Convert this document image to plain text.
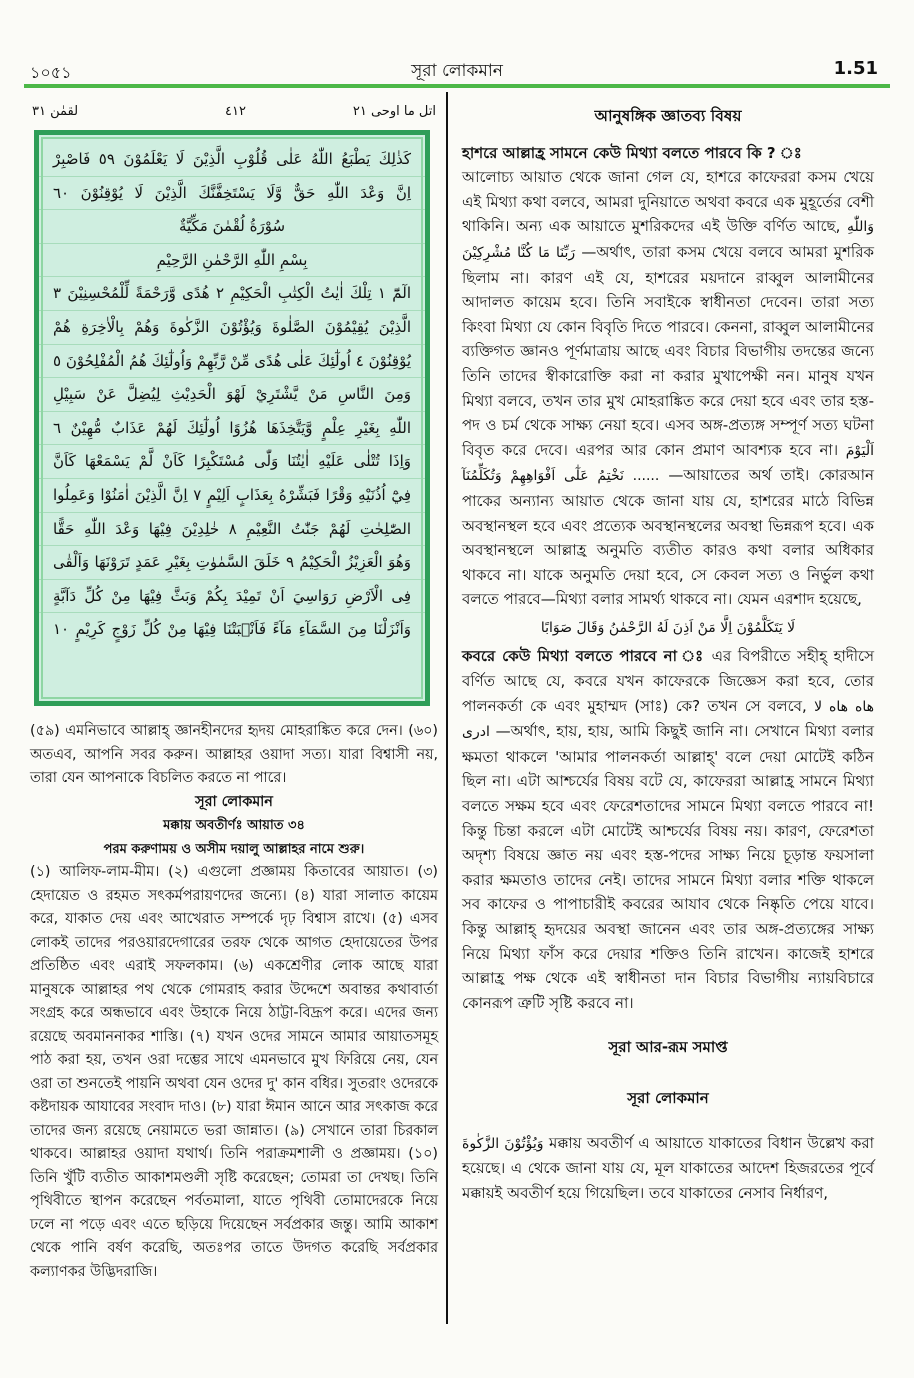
১০৫১	সূরা লোকমান	1.51
اتل ما اوحی ٢١
٤١٢
لقمٰن ٣١
كَذٰلِكَ يَطْبَعُ اللّٰهُ عَلٰى قُلُوْبِ الَّذِيْنَ لَا يَعْلَمُوْنَ ٥٩ فَاصْبِرْ
اِنَّ وَعْدَ اللّٰهِ حَقٌّ وَّلَا يَسْتَخِفَّنَّكَ الَّذِيْنَ لَا يُوْقِنُوْنَ ٦٠
سُوْرَةُ لُقْمٰنَ مَكِّيَّةٌ
بِسْمِ اللّٰهِ الرَّحْمٰنِ الرَّحِيْمِ
الٓمّٓ ١ تِلْكَ اٰيٰتُ الْكِتٰبِ الْحَكِيْمِ ٢ هُدًى وَّرَحْمَةً لِّلْمُحْسِنِيْنَ ٣
الَّذِيْنَ يُقِيْمُوْنَ الصَّلٰوةَ وَيُؤْتُوْنَ الزَّكٰوةَ وَهُمْ بِالْاٰخِرَةِ هُمْ
يُوْقِنُوْنَ ٤ اُولٰٓئِكَ عَلٰى هُدًى مِّنْ رَّبِّهِمْ وَاُولٰٓئِكَ هُمُ الْمُفْلِحُوْنَ ٥
وَمِنَ النَّاسِ مَنْ يَّشْتَرِيْ لَهْوَ الْحَدِيْثِ لِيُضِلَّ عَنْ سَبِيْلِ
اللّٰهِ بِغَيْرِ عِلْمٍ وَّيَتَّخِذَهَا هُزُوًا اُولٰٓئِكَ لَهُمْ عَذَابٌ مُّهِيْنٌ ٦
وَاِذَا تُتْلٰى عَلَيْهِ اٰيٰتُنَا وَلّٰى مُسْتَكْبِرًا كَاَنْ لَّمْ يَسْمَعْهَا كَاَنَّ
فِيْٓ اُذُنَيْهِ وَقْرًا فَبَشِّرْهُ بِعَذَابٍ اَلِيْمٍ ٧ اِنَّ الَّذِيْنَ اٰمَنُوْا وَعَمِلُوا
الصّٰلِحٰتِ لَهُمْ جَنّٰتُ النَّعِيْمِ ٨ خٰلِدِيْنَ فِيْهَا وَعْدَ اللّٰهِ حَقًّا
وَهُوَ الْعَزِيْزُ الْحَكِيْمُ ٩ خَلَقَ السَّمٰوٰتِ بِغَيْرِ عَمَدٍ تَرَوْنَهَا وَاَلْقٰى
فِى الْاَرْضِ رَوَاسِيَ اَنْ تَمِيْدَ بِكُمْ وَبَثَّ فِيْهَا مِنْ كُلِّ دَآبَّةٍ
وَاَنْزَلْنَا مِنَ السَّمَآءِ مَآءً فَاَنْۢبَتْنَا فِيْهَا مِنْ كُلِّ زَوْجٍ كَرِيْمٍ ١٠

(৫৯) এমনিভাবে আল্লাহ্ জ্ঞানহীনদের হৃদয় মোহরাঙ্কিত করে দেন। (৬০) অতএব, আপনি সবর করুন। আল্লাহর ওয়াদা সত্য। যারা বিশ্বাসী নয়, তারা যেন আপনাকে বিচলিত করতে না পারে।

সূরা লোকমান

মক্কায় অবতীর্ণঃ আয়াত ৩৪

পরম করুণাময় ও অসীম দয়ালু আল্লাহর নামে শুরু।

(১) আলিফ-লাম-মীম। (২) এগুলো প্রজ্ঞাময় কিতাবের আয়াত। (৩) হেদায়েত ও রহমত সৎকর্মপরায়ণদের জন্যে। (৪) যারা সালাত কায়েম করে, যাকাত দেয় এবং আখেরাত সম্পর্কে দৃঢ় বিশ্বাস রাখে। (৫) এসব লোকই তাদের পরওয়ারদেগারের তরফ থেকে আগত হেদায়েতের উপর প্রতিষ্ঠিত এবং এরাই সফলকাম। (৬) একশ্রেণীর লোক আছে যারা মানুষকে আল্লাহর পথ থেকে গোমরাহ করার উদ্দেশে অবান্তর কথাবার্তা সংগ্রহ করে অন্ধভাবে এবং উহাকে নিয়ে ঠাট্টা-বিদ্রূপ করে। এদের জন্য রয়েছে অবমাননাকর শাস্তি। (৭) যখন ওদের সামনে আমার আয়াতসমূহ পাঠ করা হয়, তখন ওরা দম্ভের সাথে এমনভাবে মুখ ফিরিয়ে নেয়, যেন ওরা তা শুনতেই পায়নি অথবা যেন ওদের দু' কান বধির। সুতরাং ওদেরকে কষ্টদায়ক আযাবের সংবাদ দাও। (৮) যারা ঈমান আনে আর সৎকাজ করে তাদের জন্য রয়েছে নেয়ামতে ভরা জান্নাত। (৯) সেখানে তারা চিরকাল থাকবে। আল্লাহর ওয়াদা যথার্থ। তিনি পরাক্রমশালী ও প্রজ্ঞাময়। (১০) তিনি খুঁটি ব্যতীত আকাশমণ্ডলী সৃষ্টি করেছেন; তোমরা তা দেখছ। তিনি পৃথিবীতে স্থাপন করেছেন পর্বতমালা, যাতে পৃথিবী তোমাদেরকে নিয়ে ঢলে না পড়ে এবং এতে ছড়িয়ে দিয়েছেন সর্বপ্রকার জন্তু। আমি আকাশ থেকে পানি বর্ষণ করেছি, অতঃপর তাতে উদগত করেছি সর্বপ্রকার কল্যাণকর উদ্ভিদরাজি।

আনুষঙ্গিক জ্ঞাতব্য বিষয়

হাশরে আল্লাহ্র সামনে কেউ মিথ্যা বলতে পারবে কি ? ঃ

আলোচ্য আয়াত থেকে জানা গেল যে, হাশরে কাফেররা কসম খেয়ে এই মিথ্যা কথা বলবে, আমরা দুনিয়াতে অথবা কবরে এক মুহূর্তের বেশী থাকিনি। অন্য এক আয়াতে মুশরিকদের এই উক্তি বর্ণিত আছে, وَاللّٰهِ رَبِّنَا مَا كُنَّا مُشْرِكِيْنَ —অর্থাৎ, তারা কসম খেয়ে বলবে আমরা মুশরিক ছিলাম না। কারণ এই যে, হাশরের ময়দানে রাব্বুল আলামীনের আদালত কায়েম হবে। তিনি সবাইকে স্বাধীনতা দেবেন। তারা সত্য কিংবা মিথ্যা যে কোন বিবৃতি দিতে পারবে। কেননা, রাব্বুল আলামীনের ব্যক্তিগত জ্ঞানও পূর্ণমাত্রায় আছে এবং বিচার বিভাগীয় তদন্তের জন্যে তিনি তাদের স্বীকারোক্তি করা না করার মুখাপেক্ষী নন। মানুষ যখন মিথ্যা বলবে, তখন তার মুখ মোহরাঙ্কিত করে দেয়া হবে এবং তার হস্ত-পদ ও চর্ম থেকে সাক্ষ্য নেয়া হবে। এসব অঙ্গ-প্রত্যঙ্গ সম্পূর্ণ সত্য ঘটনা বিবৃত করে দেবে। এরপর আর কোন প্রমাণ আবশ্যক হবে না। اَلْيَوْمَ نَخْتِمُ عَلٰٓى اَفْوَاهِهِمْ وَتُكَلِّمُنَآ ...... —আয়াতের অর্থ তাই। কোরআন পাকের অন্যান্য আয়াত থেকে জানা যায় যে, হাশরের মাঠে বিভিন্ন অবস্থানস্থল হবে এবং প্রত্যেক অবস্থানস্থলের অবস্থা ভিন্নরূপ হবে। এক অবস্থানস্থলে আল্লাহ্র অনুমতি ব্যতীত কারও কথা বলার অধিকার থাকবে না। যাকে অনুমতি দেয়া হবে, সে কেবল সত্য ও নির্ভুল কথা বলতে পারবে—মিথ্যা বলার সামর্থ্য থাকবে না। যেমন এরশাদ হয়েছে,

لَا يَتَكَلَّمُوْنَ اِلَّا مَنْ اَذِنَ لَهُ الرَّحْمٰنُ وَقَالَ صَوَابًا

কবরে কেউ মিথ্যা বলতে পারবে না ঃ এর বিপরীতে সহীহ্ হাদীসে বর্ণিত আছে যে, কবরে যখন কাফেরকে জিজ্ঞেস করা হবে, তোর পালনকর্তা কে এবং মুহাম্মদ (সাঃ) কে? তখন সে বলবে, هاه هاه لا ادرى —অর্থাৎ, হায়, হায়, আমি কিছুই জানি না। সেখানে মিথ্যা বলার ক্ষমতা থাকলে 'আমার পালনকর্তা আল্লাহ্' বলে দেয়া মোটেই কঠিন ছিল না। এটা আশ্চর্যের বিষয় বটে যে, কাফেররা আল্লাহ্র সামনে মিথ্যা বলতে সক্ষম হবে এবং ফেরেশতাদের সামনে মিথ্যা বলতে পারবে না! কিন্তু চিন্তা করলে এটা মোটেই আশ্চর্যের বিষয় নয়। কারণ, ফেরেশতা অদৃশ্য বিষয়ে জ্ঞাত নয় এবং হস্ত-পদের সাক্ষ্য নিয়ে চূড়ান্ত ফয়সালা করার ক্ষমতাও তাদের নেই। তাদের সামনে মিথ্যা বলার শক্তি থাকলে সব কাফের ও পাপাচারীই কবরের আযাব থেকে নিষ্কৃতি পেয়ে যাবে। কিন্তু আল্লাহ্ হৃদয়ের অবস্থা জানেন এবং তার অঙ্গ-প্রত্যঙ্গের সাক্ষ্য নিয়ে মিথ্যা ফাঁস করে দেয়ার শক্তিও তিনি রাখেন। কাজেই হাশরে আল্লাহ্র পক্ষ থেকে এই স্বাধীনতা দান বিচার বিভাগীয় ন্যায়বিচারে কোনরূপ ত্রুটি সৃষ্টি করবে না।

সূরা আর-রূম সমাপ্ত

সূরা লোকমান

وَيُؤْتُوْنَ الزَّكٰوةَ মক্কায় অবতীর্ণ এ আয়াতে যাকাতের বিধান উল্লেখ করা হয়েছে। এ থেকে জানা যায় যে, মূল যাকাতের আদেশ হিজরতের পূর্বে মক্কায়ই অবতীর্ণ হয়ে গিয়েছিল। তবে যাকাতের নেসাব নির্ধারণ,
